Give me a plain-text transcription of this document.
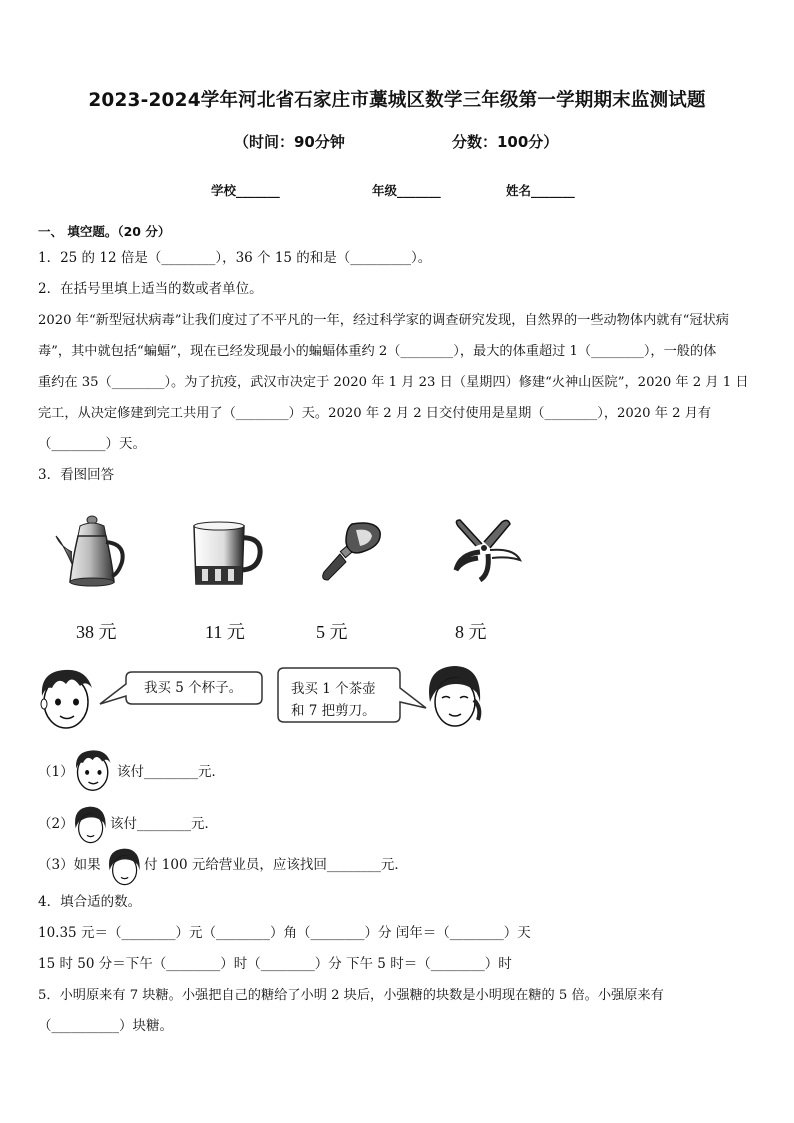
2023-2024学年河北省石家庄市藁城区数学三年级第一学期期末监测试题
（时间：90分钟	分数：100分）
学校_______	年级_______	姓名_______
一、 填空题。（20 分）
1．25 的 12 倍是（________），36 个 15 的和是（_________）。
2．在括号里填上适当的数或者单位。
2020 年“新型冠状病毒”让我们度过了不平凡的一年，经过科学家的调查研究发现，自然界的一些动物体内就有“冠状病
毒”，其中就包括“蝙蝠”，现在已经发现最小的蝙蝠体重约 2（________），最大的体重超过 1（________），一般的体
重约在 35（________）。为了抗疫，武汉市决定于 2020 年 1 月 23 日（星期四）修建“火神山医院”，2020 年 2 月 1 日
完工，从决定修建到完工共用了（________）天。2020 年 2 月 2 日交付使用是星期（________），2020 年 2 月有
（________）天。
3．看图回答
38 元	11 元	5 元	8 元
我买 5 个杯子。	我买 1 个茶壶
和 7 把剪刀。
（1）	该付________元．
（2）	该付________元．
（3）如果	付 100 元给营业员，应该找回________元．
4．填合适的数。
10.35 元＝（________）元（________）角（________）分 闰年＝（________）天
15 时 50 分＝下午（________）时（________）分 下午 5 时＝（________）时
5．小明原来有 7 块糖。小强把自己的糖给了小明 2 块后，小强糖的块数是小明现在糖的 5 倍。小强原来有
（__________）块糖。
